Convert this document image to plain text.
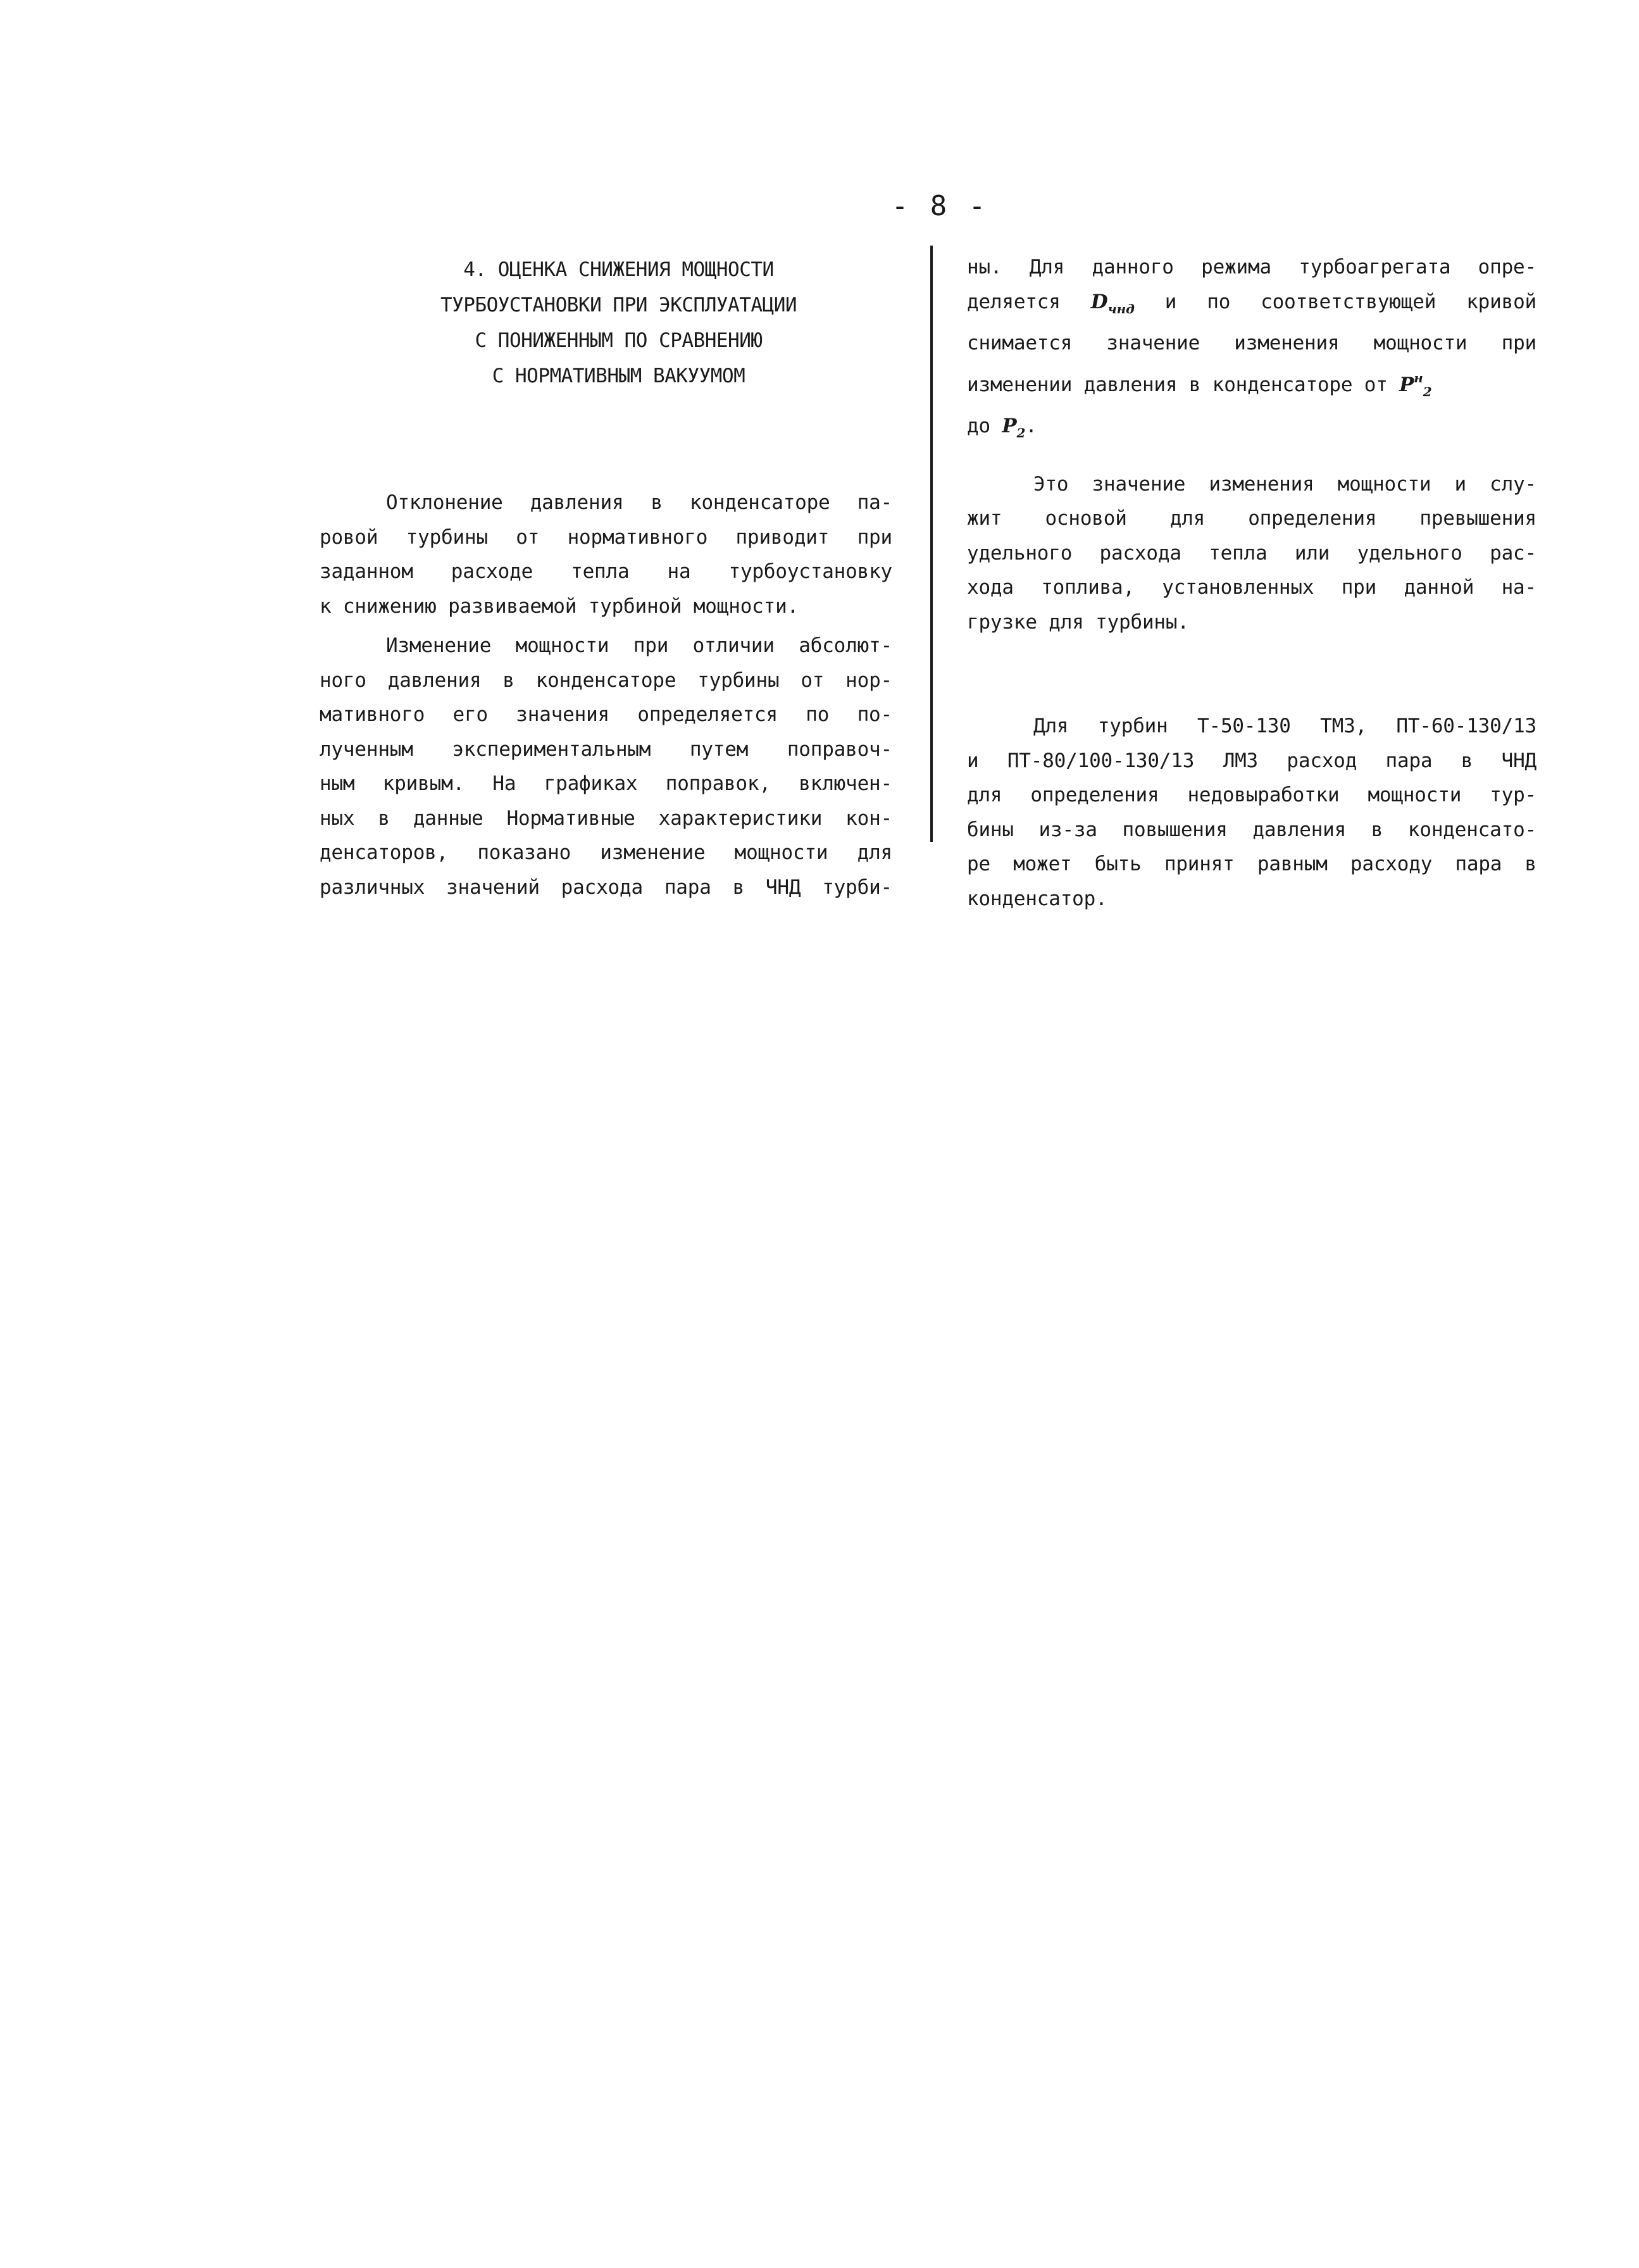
- 8 -
4. ОЦЕНКА СНИЖЕНИЯ МОЩНОСТИ
ТУРБОУСТАНОВКИ ПРИ ЭКСПЛУАТАЦИИ
С ПОНИЖЕННЫМ ПО СРАВНЕНИЮ
С НОРМАТИВНЫМ ВАКУУМОМ
Отклонение давления в конденсаторе па-
ровой турбины от нормативного приводит при
заданном расходе тепла на турбоустановку
к снижению развиваемой турбиной мощности.
Изменение мощности при отличии абсолют-
ного давления в конденсаторе турбины от нор-
мативного его значения определяется по по-
лученным экспериментальным путем поправоч-
ным кривым. На графиках поправок, включен-
ных в данные Нормативные характеристики кон-
денсаторов, показано изменение мощности для
различных значений расхода пара в ЧНД турби-
ны. Для данного режима турбоагрегата опре-
деляется $D_{чнд}$ и по соответствующей кривой
снимается значение изменения мощности при
изменении давления в конденсаторе от $P^н_2$
до $P_2$.
Это значение изменения мощности и слу-
жит основой для определения превышения
удельного расхода тепла или удельного рас-
хода топлива, установленных при данной на-
грузке для турбины.
Для турбин Т-50-130 ТМЗ, ПТ-60-130/13
и ПТ-80/100-130/13 ЛМЗ расход пара в ЧНД
для определения недовыработки мощности тур-
бины из-за повышения давления в конденсато-
ре может быть принят равным расходу пара в
конденсатор.
